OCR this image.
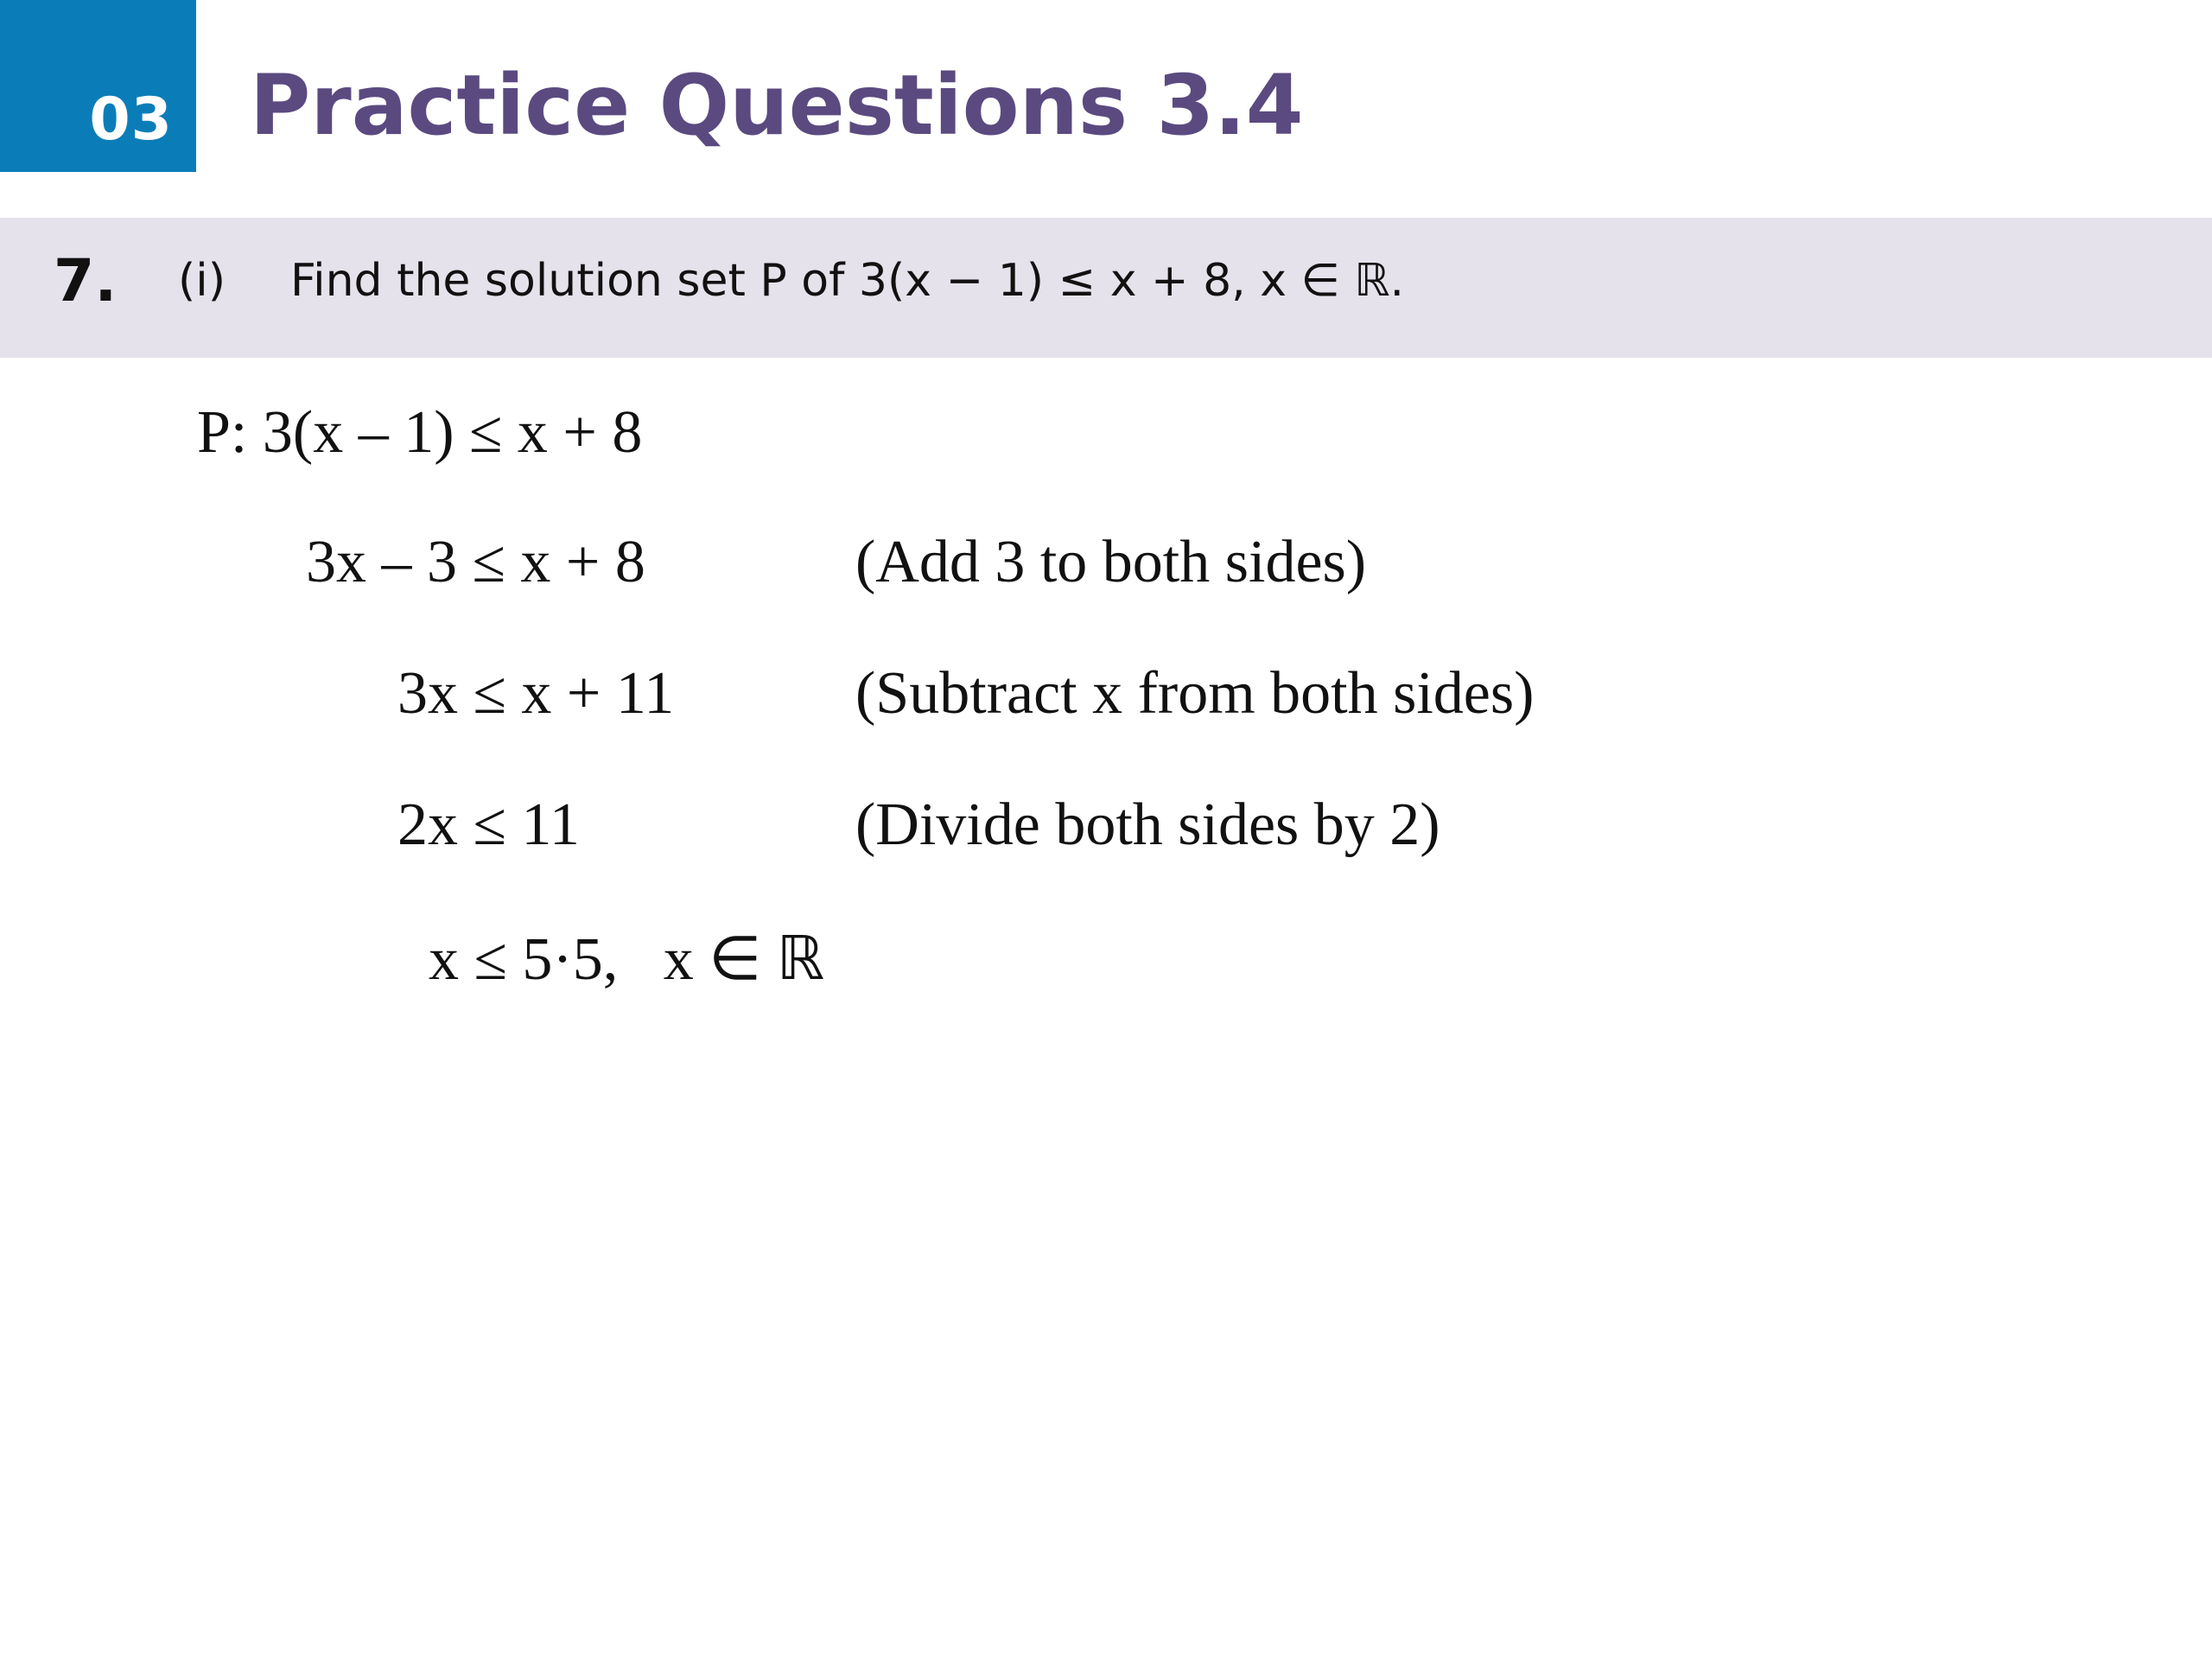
03 Practice Questions 3.4
7. (i) Find the solution set P of 3(x − 1) ≤ x + 8, x ∈ ℝ.
P: 3(x – 1) ≤ x + 8
3x – 3 ≤ x + 8	(Add 3 to both sides)
3x ≤ x + 11	(Subtract x from both sides)
2x ≤ 11	(Divide both sides by 2)
x ≤ 5·5,   x ∈ ℝ
